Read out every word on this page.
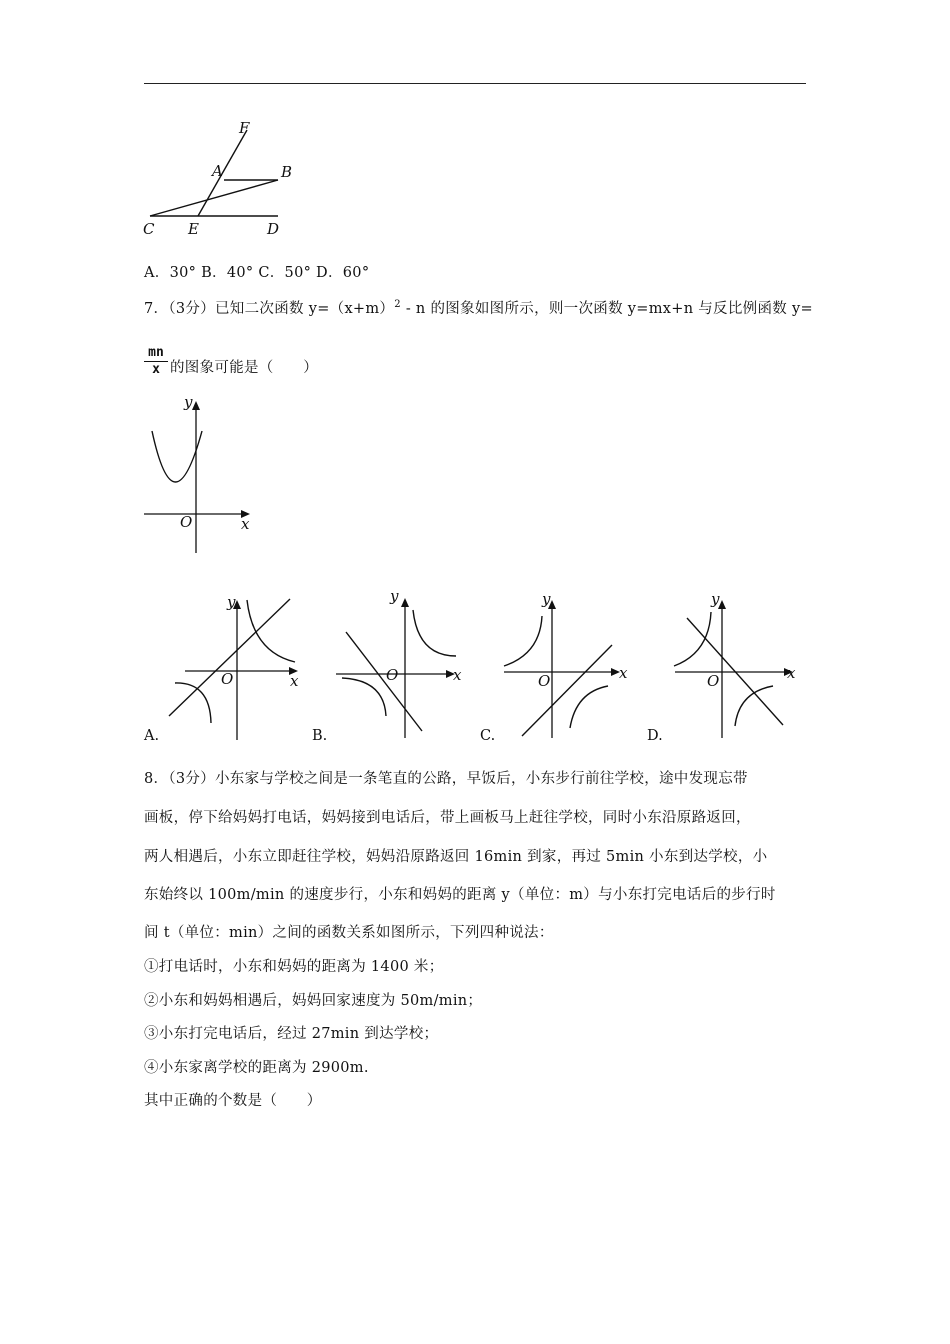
F
A	B
C E	D
A．30° B．40° C．50° D．60°
7．（3分）已知二次函数 $y=(x+m)^2 - n$ 的图象如图所示，则一次函数 y=mx+n 与反比例函数 y=
$\frac{mn}{x}$ 的图象可能是（　　）
y
x
O
y
x
O
y
x
O
y
x
O
y
x
O
A.	B.	C.	D.
8．（3分）小东家与学校之间是一条笔直的公路，早饭后，小东步行前往学校，途中发现忘带
画板，停下给妈妈打电话，妈妈接到电话后，带上画板马上赶往学校，同时小东沿原路返回，
两人相遇后，小东立即赶往学校，妈妈沿原路返回 16min 到家，再过 5min 小东到达学校，小
东始终以 100m/min 的速度步行，小东和妈妈的距离 y（单位：m）与小东打完电话后的步行时
间 t（单位：min）之间的函数关系如图所示，下列四种说法：
①打电话时，小东和妈妈的距离为 1400 米；
②小东和妈妈相遇后，妈妈回家速度为 50m/min；
③小东打完电话后，经过 27min 到达学校；
④小东家离学校的距离为 2900m.
其中正确的个数是（　　）
